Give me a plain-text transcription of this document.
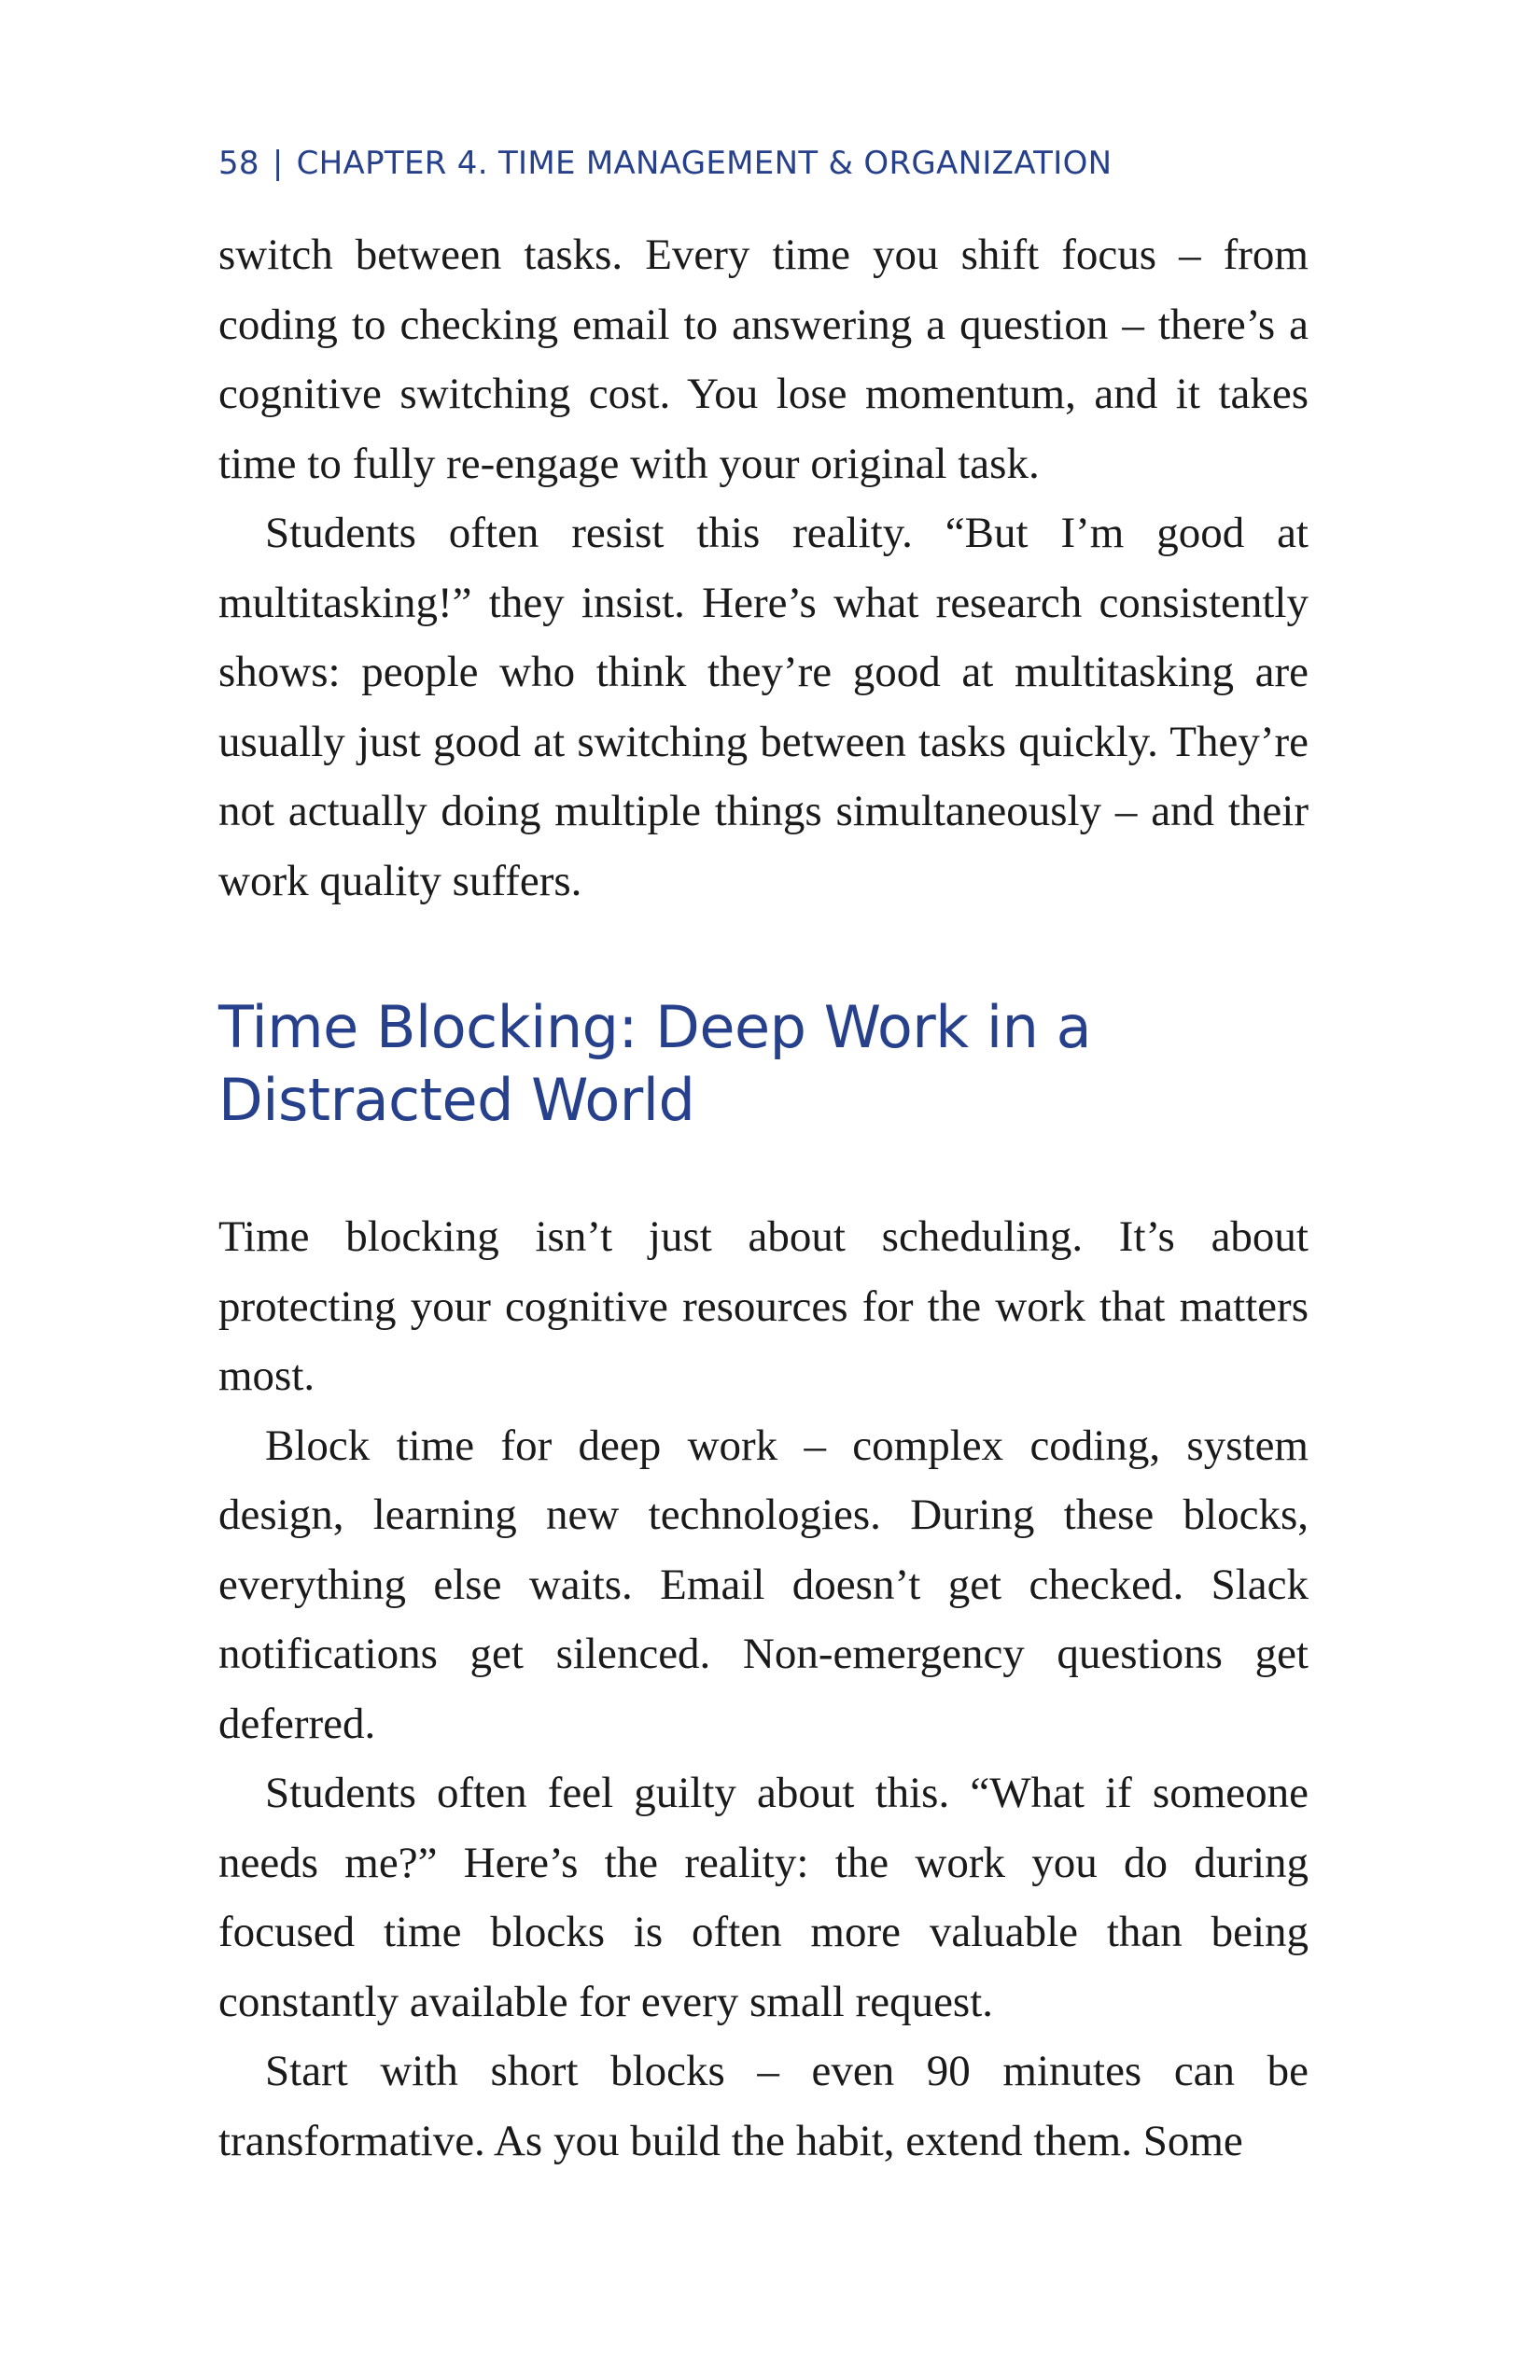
58 | CHAPTER 4. TIME MANAGEMENT & ORGANIZATION

switch between tasks. Every time you shift focus – from coding to checking email to answering a question – there’s a cognitive switching cost. You lose momentum, and it takes time to fully re-engage with your original task.

Students often resist this reality. “But I’m good at multitasking!” they insist. Here’s what research consistently shows: people who think they’re good at multitasking are usually just good at switching between tasks quickly. They’re not actually doing multiple things simultaneously – and their work quality suffers.

Time Blocking: Deep Work in a Distracted World

Time blocking isn’t just about scheduling. It’s about protecting your cognitive resources for the work that matters most.

Block time for deep work – complex coding, system design, learning new technologies. During these blocks, everything else waits. Email doesn’t get checked. Slack notifications get silenced. Non-emergency questions get deferred.

Students often feel guilty about this. “What if someone needs me?” Here’s the reality: the work you do during focused time blocks is often more valuable than being constantly available for every small request.

Start with short blocks – even 90 minutes can be transformative. As you build the habit, extend them. Some
